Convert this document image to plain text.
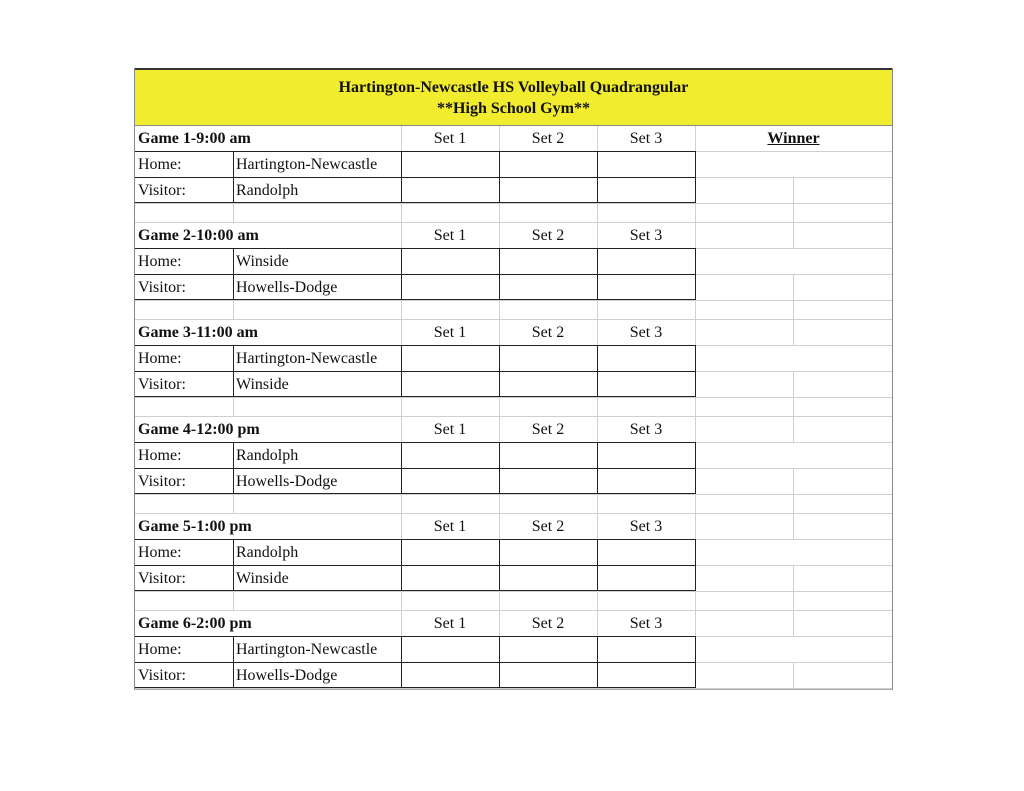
Hartington-Newcastle HS Volleyball Quadrangular
**High School Gym**
Game 1-9:00 am	Set 1	Set 2	Set 3	Winner
Home:	Hartington-Newcastle
Visitor:	Randolph
Game 2-10:00 am	Set 1	Set 2	Set 3
Home:	Winside
Visitor:	Howells-Dodge
Game 3-11:00 am	Set 1	Set 2	Set 3
Home:	Hartington-Newcastle
Visitor:	Winside
Game 4-12:00 pm	Set 1	Set 2	Set 3
Home:	Randolph
Visitor:	Howells-Dodge
Game 5-1:00 pm	Set 1	Set 2	Set 3
Home:	Randolph
Visitor:	Winside
Game 6-2:00 pm	Set 1	Set 2	Set 3
Home:	Hartington-Newcastle
Visitor:	Howells-Dodge
